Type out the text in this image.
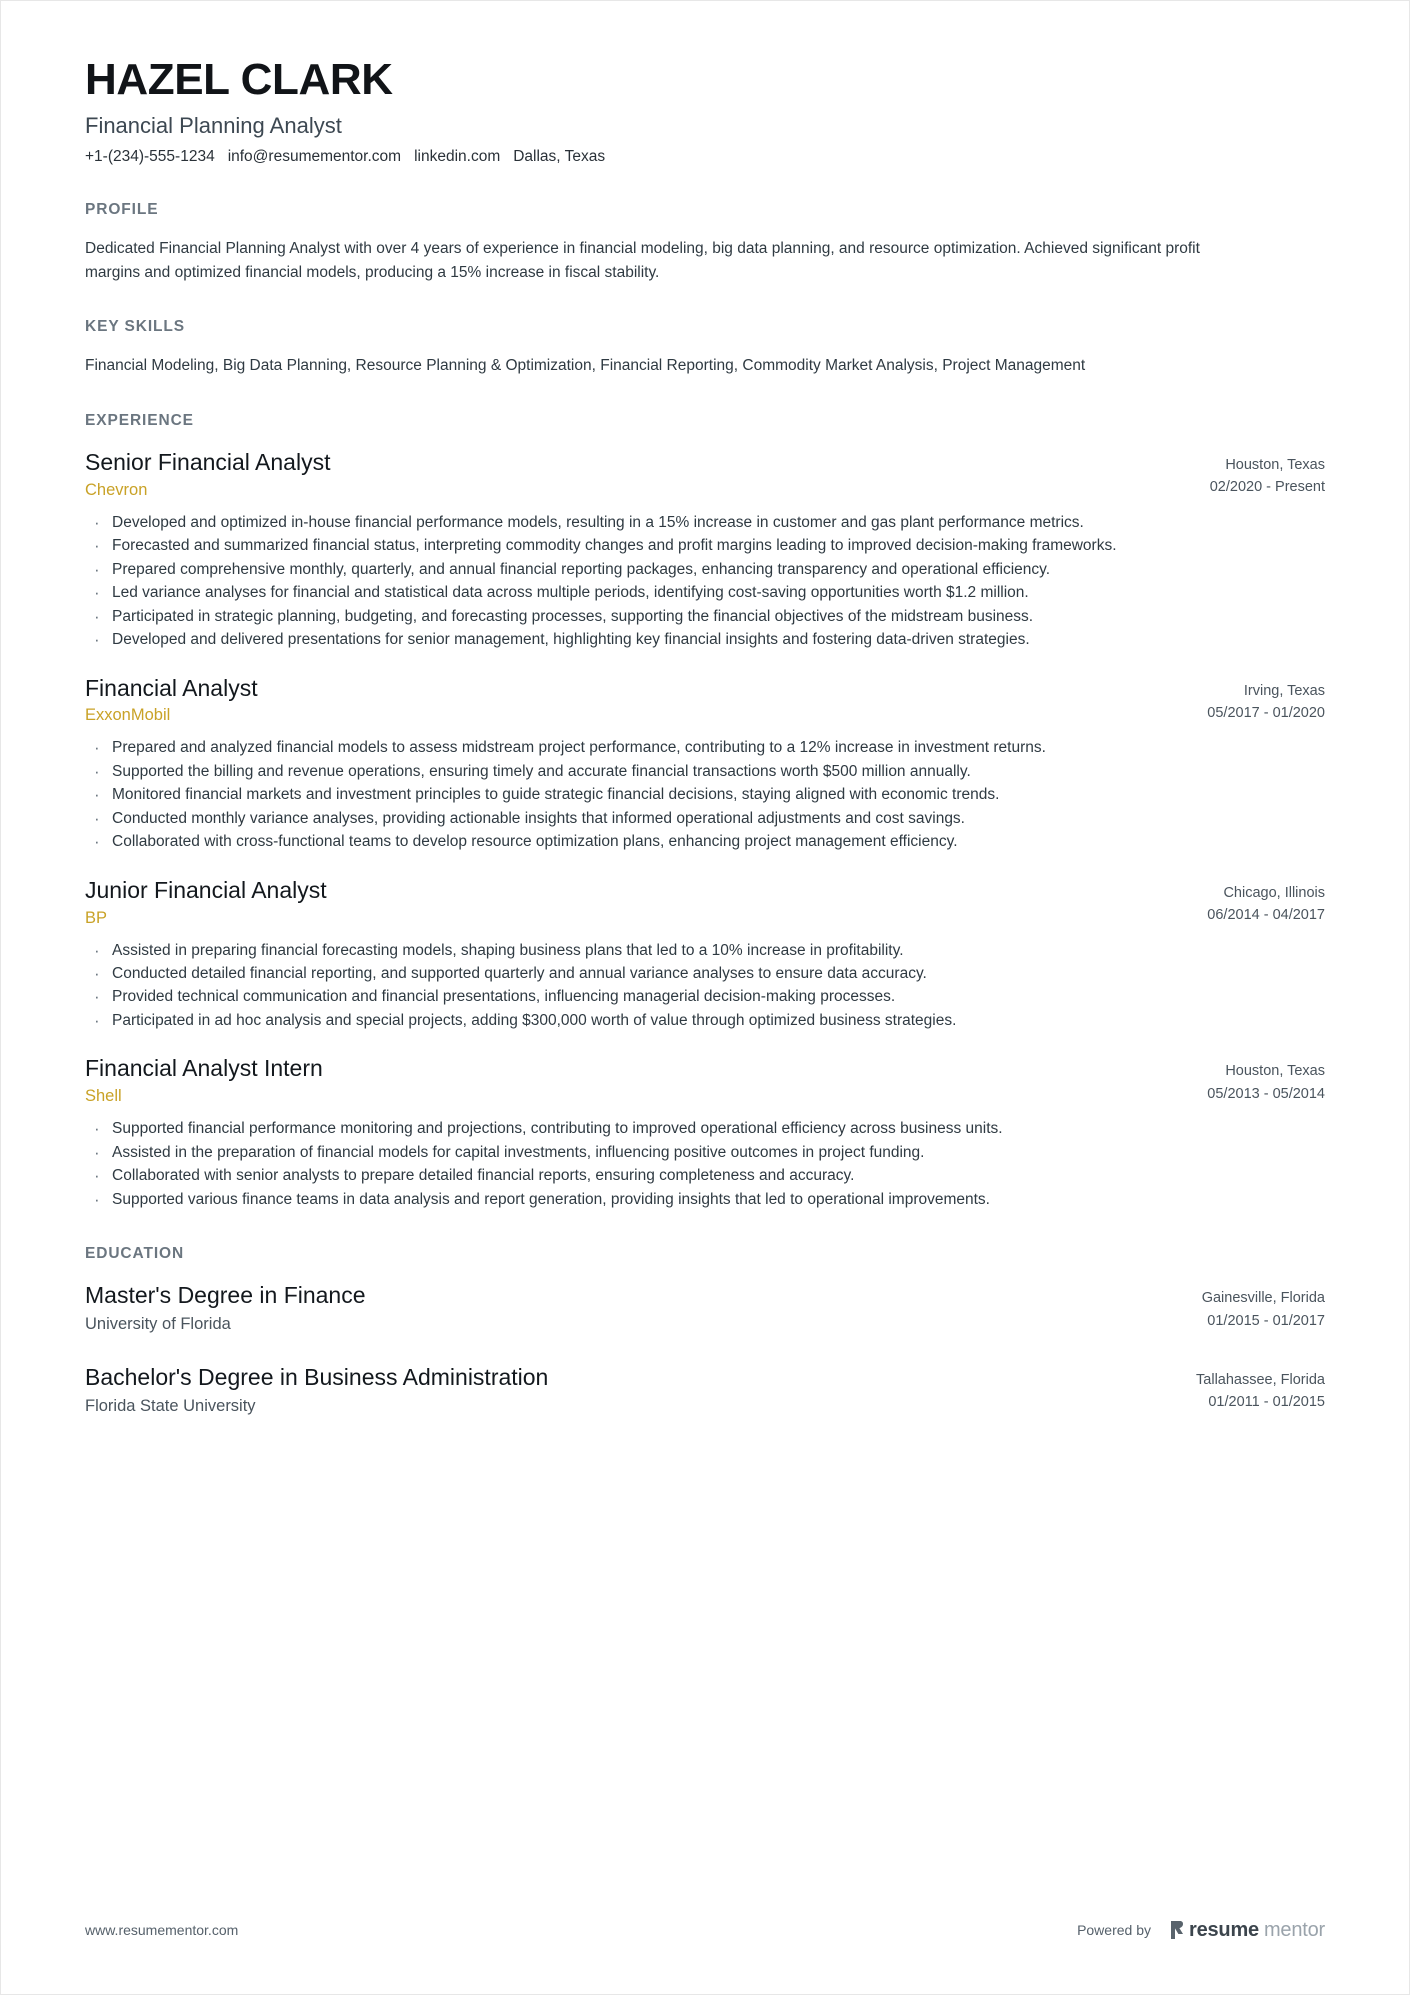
HAZEL CLARK
Financial Planning Analyst
+1-(234)-555-1234 info@resumementor.com linkedin.com Dallas, Texas
PROFILE
Dedicated Financial Planning Analyst with over 4 years of experience in financial modeling, big data planning, and resource optimization. Achieved significant profit margins and optimized financial models, producing a 15% increase in fiscal stability.
KEY SKILLS
Financial Modeling, Big Data Planning, Resource Planning & Optimization, Financial Reporting, Commodity Market Analysis, Project Management
EXPERIENCE
Senior Financial Analyst
Chevron
Houston, Texas
02/2020 - Present
· Developed and optimized in-house financial performance models, resulting in a 15% increase in customer and gas plant performance metrics.
· Forecasted and summarized financial status, interpreting commodity changes and profit margins leading to improved decision-making frameworks.
· Prepared comprehensive monthly, quarterly, and annual financial reporting packages, enhancing transparency and operational efficiency.
· Led variance analyses for financial and statistical data across multiple periods, identifying cost-saving opportunities worth $1.2 million.
· Participated in strategic planning, budgeting, and forecasting processes, supporting the financial objectives of the midstream business.
· Developed and delivered presentations for senior management, highlighting key financial insights and fostering data-driven strategies.
Financial Analyst
ExxonMobil
Irving, Texas
05/2017 - 01/2020
· Prepared and analyzed financial models to assess midstream project performance, contributing to a 12% increase in investment returns.
· Supported the billing and revenue operations, ensuring timely and accurate financial transactions worth $500 million annually.
· Monitored financial markets and investment principles to guide strategic financial decisions, staying aligned with economic trends.
· Conducted monthly variance analyses, providing actionable insights that informed operational adjustments and cost savings.
· Collaborated with cross-functional teams to develop resource optimization plans, enhancing project management efficiency.
Junior Financial Analyst
BP
Chicago, Illinois
06/2014 - 04/2017
· Assisted in preparing financial forecasting models, shaping business plans that led to a 10% increase in profitability.
· Conducted detailed financial reporting, and supported quarterly and annual variance analyses to ensure data accuracy.
· Provided technical communication and financial presentations, influencing managerial decision-making processes.
· Participated in ad hoc analysis and special projects, adding $300,000 worth of value through optimized business strategies.
Financial Analyst Intern
Shell
Houston, Texas
05/2013 - 05/2014
· Supported financial performance monitoring and projections, contributing to improved operational efficiency across business units.
· Assisted in the preparation of financial models for capital investments, influencing positive outcomes in project funding.
· Collaborated with senior analysts to prepare detailed financial reports, ensuring completeness and accuracy.
· Supported various finance teams in data analysis and report generation, providing insights that led to operational improvements.
EDUCATION
Master's Degree in Finance
University of Florida
Gainesville, Florida
01/2015 - 01/2017
Bachelor's Degree in Business Administration
Florida State University
Tallahassee, Florida
01/2011 - 01/2015
www.resumementor.com	Powered by resume mentor
